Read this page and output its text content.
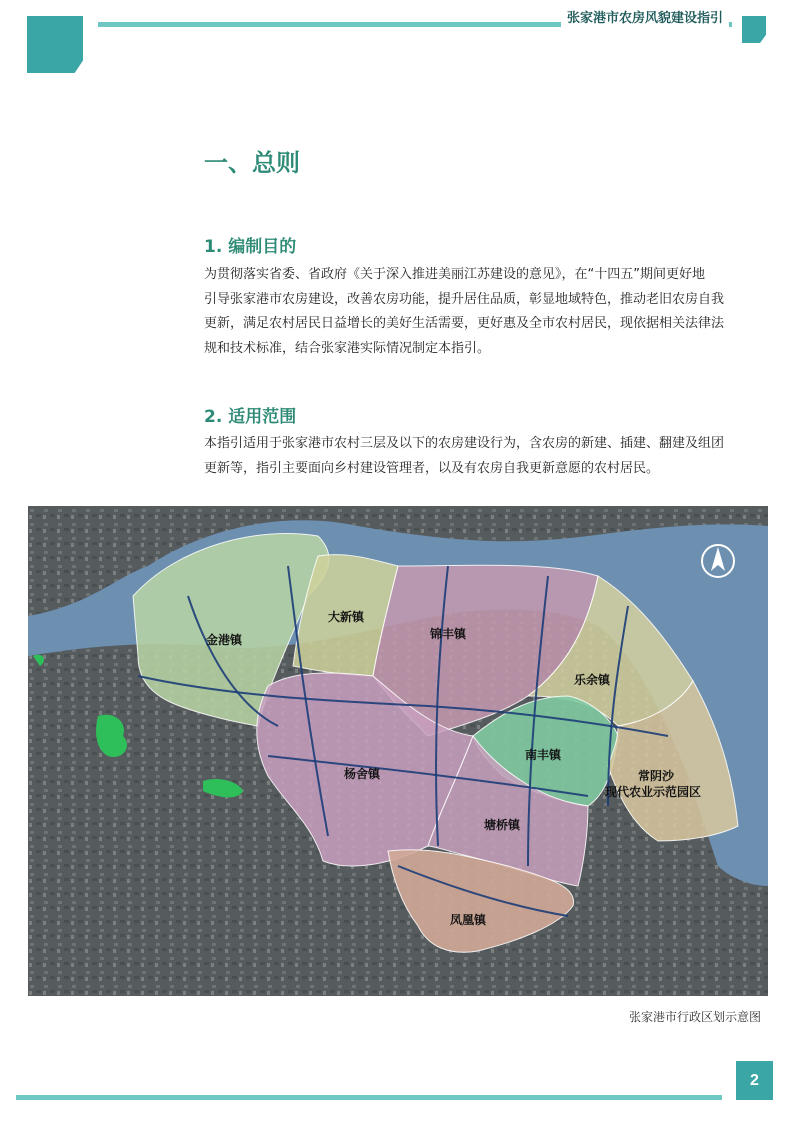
张家港市农房风貌建设指引
一、总则
1. 编制目的
为贯彻落实省委、省政府《关于深入推进美丽江苏建设的意见》，在“十四五”期间更好地
引导张家港市农房建设，改善农房功能，提升居住品质，彰显地域特色，推动老旧农房自我
更新，满足农村居民日益增长的美好生活需要，更好惠及全市农村居民，现依据相关法律法
规和技术标准，结合张家港实际情况制定本指引。
2. 适用范围
本指引适用于张家港市农村三层及以下的农房建设行为，含农房的新建、插建、翻建及组团
更新等，指引主要面向乡村建设管理者，以及有农房自我更新意愿的农村居民。
金港镇
大新镇
锦丰镇
乐余镇
南丰镇
杨舍镇
塘桥镇
凤凰镇
常阴沙
现代农业示范园区
张家港市行政区划示意图
2
